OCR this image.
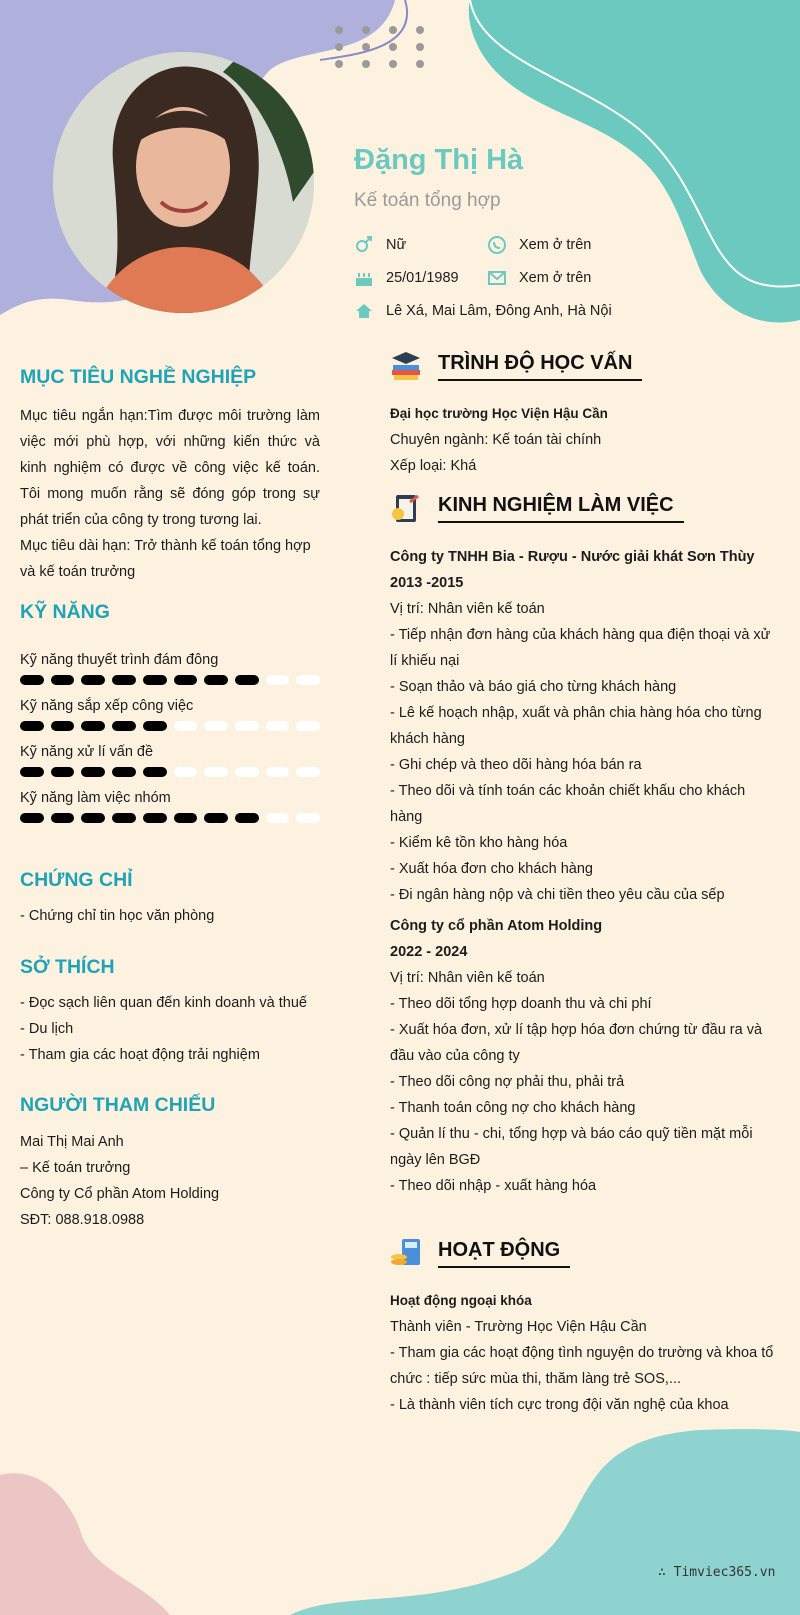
Đặng Thị Hà
Kế toán tổng hợp
Nữ	Xem ở trên
25/01/1989	Xem ở trên
Lê Xá, Mai Lâm, Đông Anh, Hà Nội
MỤC TIÊU NGHỀ NGHIỆP
Mục tiêu ngắn hạn:Tìm được môi trường làm việc mới phù hợp, với những kiến thức và kinh nghiệm có được về công việc kế toán. Tôi mong muốn rằng sẽ đóng góp trong sự phát triển của công ty trong tương lai.
Mục tiêu dài hạn: Trở thành kế toán tổng hợp và kế toán trưởng
KỸ NĂNG
Kỹ năng thuyết trình đám đông
Kỹ năng sắp xếp công việc
Kỹ năng xử lí vấn đề
Kỹ năng làm việc nhóm
CHỨNG CHỈ
- Chứng chỉ tin học văn phòng
SỞ THÍCH
- Đọc sạch liên quan đến kinh doanh và thuế
- Du lịch
- Tham gia các hoạt động trải nghiệm
NGƯỜI THAM CHIẾU
Mai Thị Mai Anh
– Kế toán trưởng
Công ty Cổ phần Atom Holding
SĐT: 088.918.0988
TRÌNH ĐỘ HỌC VẤN
Đại học trường Học Viện Hậu Cần
Chuyên ngành: Kế toán tài chính
Xếp loại: Khá
KINH NGHIỆM LÀM VIỆC
Công ty TNHH Bia - Rượu - Nước giải khát Sơn Thùy
2013 -2015
Vị trí: Nhân viên kế toán
- Tiếp nhận đơn hàng của khách hàng qua điện thoại và xử lí khiếu nại
- Soạn thảo và báo giá cho từng khách hàng
- Lê kế hoạch nhập, xuất và phân chia hàng hóa cho từng khách hàng
- Ghi chép và theo dõi hàng hóa bán ra
- Theo dõi và tính toán các khoản chiết khấu cho khách hàng
- Kiểm kê tồn kho hàng hóa
- Xuất hóa đơn cho khách hàng
- Đi ngân hàng nộp và chi tiền theo yêu cầu của sếp
Công ty cổ phần Atom Holding
2022 - 2024
Vị trí: Nhân viên kế toán
- Theo dõi tổng hợp doanh thu và chi phí
- Xuất hóa đơn, xử lí tập hợp hóa đơn chứng từ đầu ra và đầu vào của công ty
- Theo dõi công nợ phải thu, phải trả
- Thanh toán công nợ cho khách hàng
- Quản lí thu - chi, tổng hợp và báo cáo quỹ tiền mặt mỗi ngày lên BGĐ
- Theo dõi nhập - xuất hàng hóa
HOẠT ĐỘNG
Hoạt động ngoại khóa
Thành viên - Trường Học Viện Hậu Cần
- Tham gia các hoạt động tình nguyện do trường và khoa tổ chức : tiếp sức mùa thi, thăm làng trẻ SOS,...
- Là thành viên tích cực trong đội văn nghệ của khoa
∴ Timviec365.vn
